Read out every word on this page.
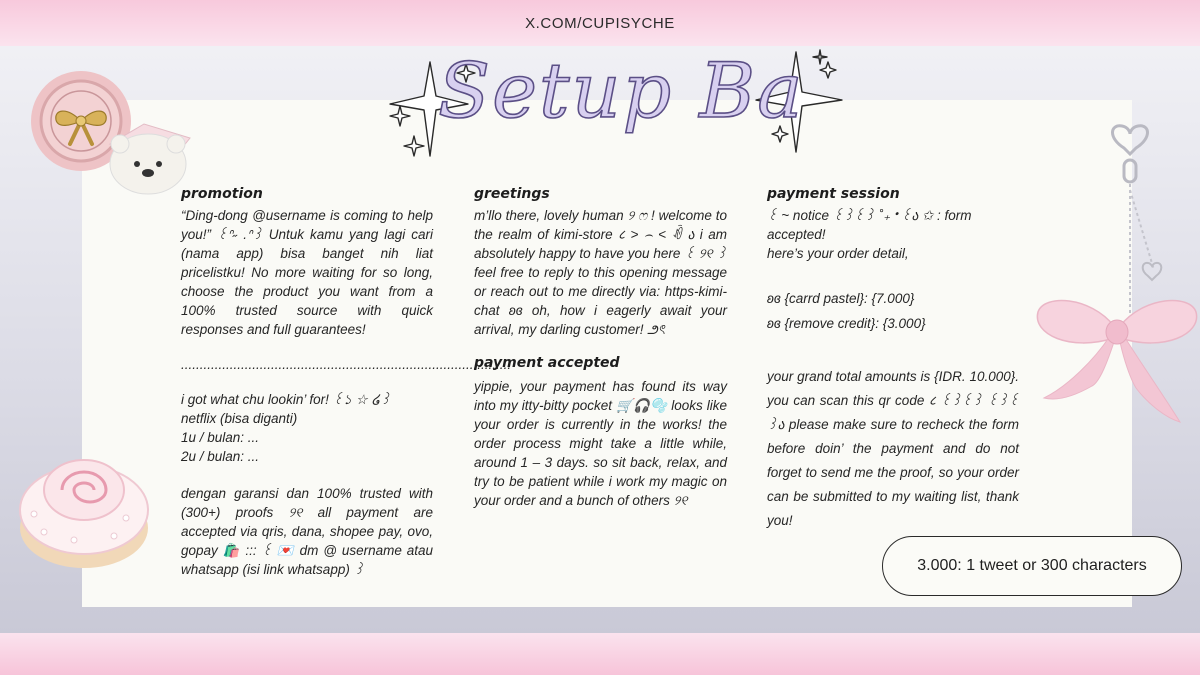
X.COM/CUPISYCHE
Setup Ba
promotion

“Ding-dong @username is coming to help you!” ꒰ᐢ˶ .ᐢ꒱ Untuk kamu yang lagi cari (nama app) bisa banget nih liat pricelistku! No more waiting for so long, choose the product you want from a 100% trusted source with quick responses and full guarantees!

........................................................................................

i got what chu lookin’ for! ꒰১ ☆ ໒꒱

netflix (bisa diganti)

1u / bulan: ...

2u / bulan: ...

dengan garansi dan 100% trusted with (300+) proofs ୨୧ all payment are accepted via qris, dana, shopee pay, ovo, gopay 🛍️ ::: ꒰ 💌 dm @ username atau whatsapp (isi link whatsapp) ꒱

greetings

m’llo there, lovely human ୨ ෆ ! welcome to the realm of kimi-store ८ > ⌢ < ꀐ ა i am absolutely happy to have you here ꒰ ୨୧ ꒱ feel free to reply to this opening message or reach out to me directly via: https-kimi-chat ʚɞ oh, how i eagerly await your arrival, my darling customer! ౨ৎ

payment accepted

yippie, your payment has found its way into my itty-bitty pocket 🛒🎧🫧 looks like your order is currently in the works! the order process might take a little while, around 1 – 3 days. so sit back, relax, and try to be patient while i work my magic on your order and a bunch of others ୨୧

payment session

꒰ ~ notice ꒰꒱꒰꒱ ˚₊‧꒰ა ✩ : form accepted!

here’s your order detail,

ʚɞ {carrd pastel}: {7.000}

ʚɞ {remove credit}: {3.000}

your grand total amounts is {IDR. 10.000}. you can scan this qr code ८ ꒰꒱꒰꒱ ꒰꒱꒰꒱ა please make sure to recheck the form before doin’ the payment and do not forget to send me the proof, so your order can be submitted to my waiting list, thank you!

3.000: 1 tweet or 300 characters
